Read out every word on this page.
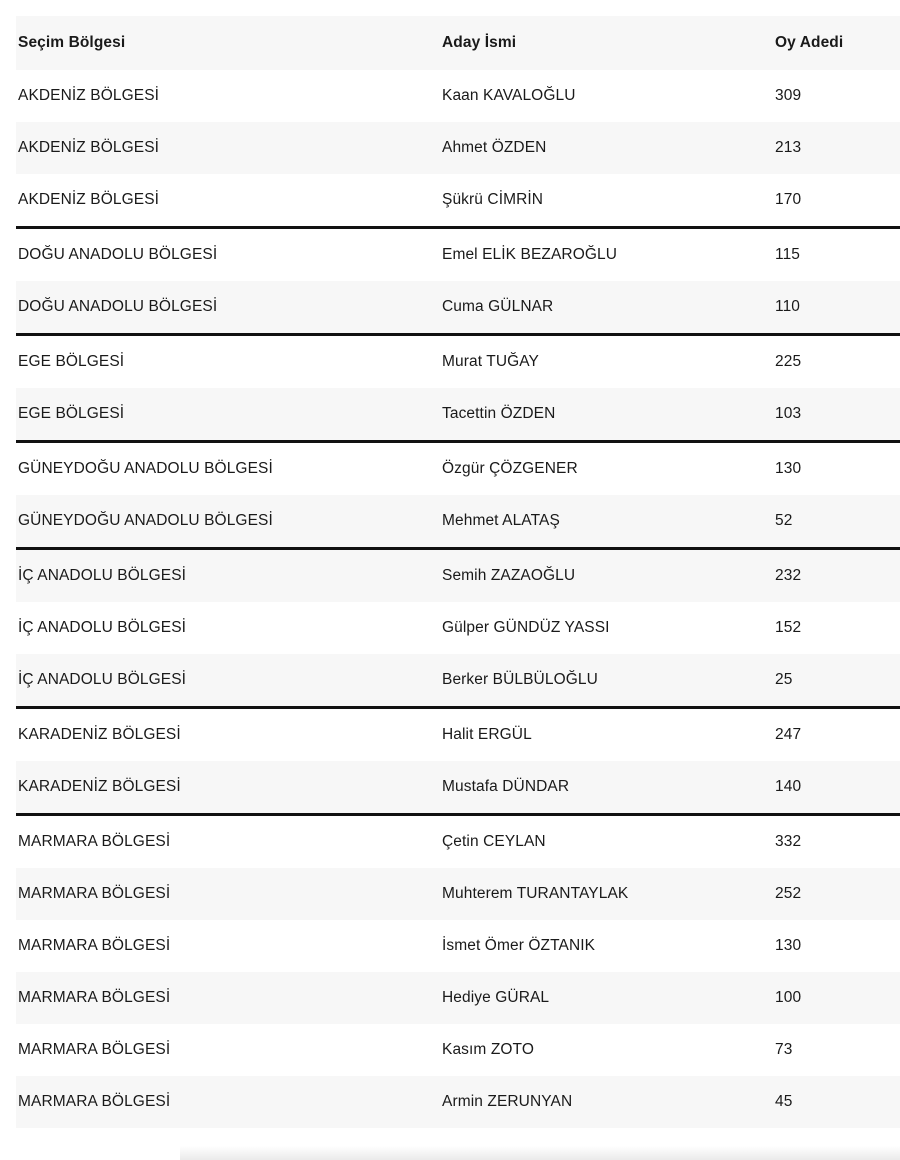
Seçim Bölgesi	Aday İsmi	Oy Adedi
AKDENİZ BÖLGESİ	Kaan KAVALOĞLU	309
AKDENİZ BÖLGESİ	Ahmet ÖZDEN	213
AKDENİZ BÖLGESİ	Şükrü CİMRİN	170
DOĞU ANADOLU BÖLGESİ	Emel ELİK BEZAROĞLU	115
DOĞU ANADOLU BÖLGESİ	Cuma GÜLNAR	110
EGE BÖLGESİ	Murat TUĞAY	225
EGE BÖLGESİ	Tacettin ÖZDEN	103
GÜNEYDOĞU ANADOLU BÖLGESİ	Özgür ÇÖZGENER	130
GÜNEYDOĞU ANADOLU BÖLGESİ	Mehmet ALATAŞ	52
İÇ ANADOLU BÖLGESİ	Semih ZAZAOĞLU	232
İÇ ANADOLU BÖLGESİ	Gülper GÜNDÜZ YASSI	152
İÇ ANADOLU BÖLGESİ	Berker BÜLBÜLOĞLU	25
KARADENİZ BÖLGESİ	Halit ERGÜL	247
KARADENİZ BÖLGESİ	Mustafa DÜNDAR	140
MARMARA BÖLGESİ	Çetin CEYLAN	332
MARMARA BÖLGESİ	Muhterem TURANTAYLAK	252
MARMARA BÖLGESİ	İsmet Ömer ÖZTANIK	130
MARMARA BÖLGESİ	Hediye GÜRAL	100
MARMARA BÖLGESİ	Kasım ZOTO	73
MARMARA BÖLGESİ	Armin ZERUNYAN	45
